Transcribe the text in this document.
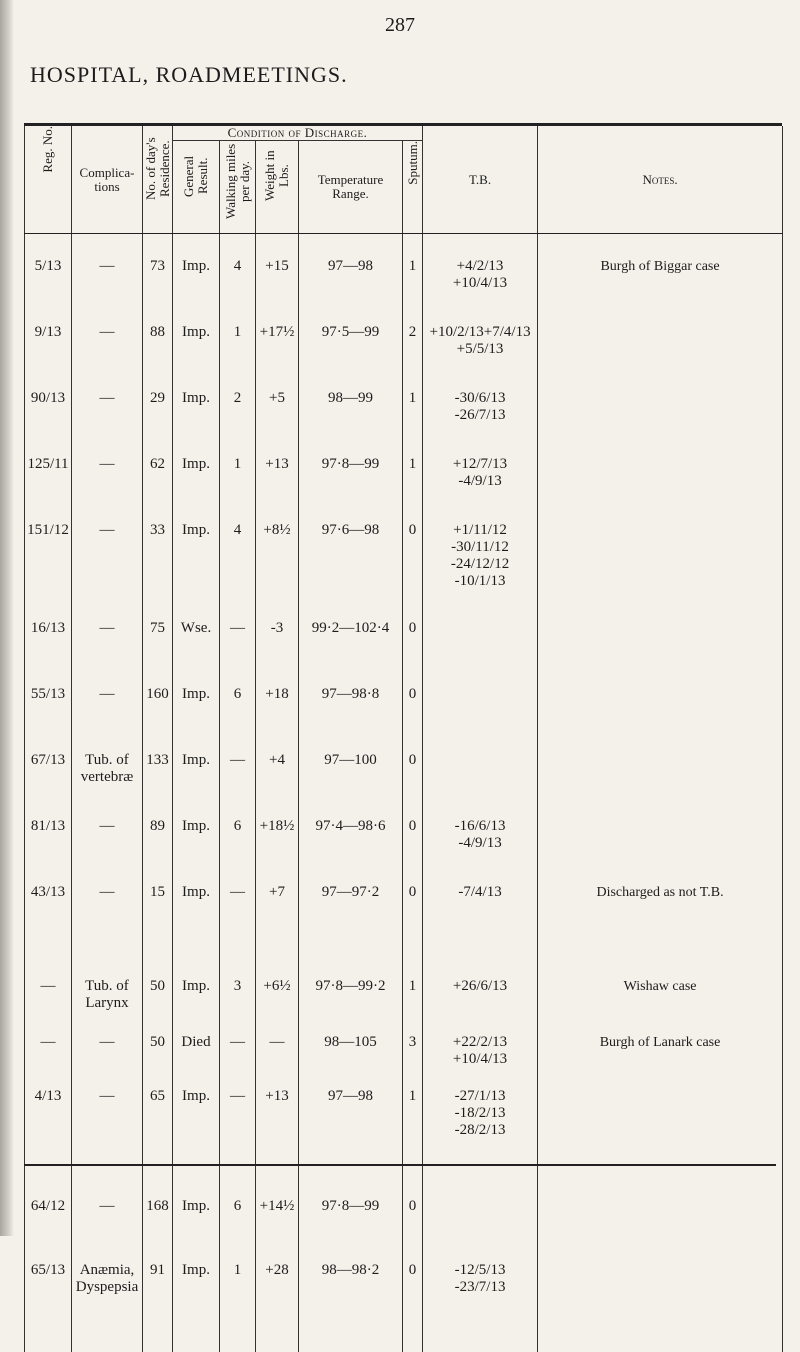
287
HOSPITAL, ROADMEETINGS.
Reg. No.	Complica-
tions	No. of day's Residence.	Condition of Discharge.					T.B.	Notes.

			General Result.	Walking miles per day.	Weight in Lbs.	Temperature Range.	Sputum.		

5/13	—	73	Imp.	4	+15	97—98	1	+4/2/13
+10/4/13	Burgh of Biggar case
9/13	—	88	Imp.	1	+17½	97·5—99	2	+10/2/13+7/4/13
+5/5/13	

90/13	—	29	Imp.	2	+5	98—99	1	-30/6/13
-26/7/13	

125/11	—	62	Imp.	1	+13	97·8—99	1	+12/7/13
-4/9/13	

151/12	—	33	Imp.	4	+8½	97·6—98	0	+1/11/12
-30/11/12
-24/12/12
-10/1/13	

16/13	—	75	Wse.	—	-3	99·2—102·4	0		
55/13	—	160	Imp.	6	+18	97—98·8	0		
67/13	Tub. of
vertebræ	133	Imp.	—	+4	97—100	0		
81/13	—	89	Imp.	6	+18½	97·4—98·6	0	-16/6/13
-4/9/13	

43/13	—	15	Imp.	—	+7	97—97·2	0	-7/4/13	Discharged as not T.B.
—	Tub. of
Larynx	50	Imp.	3	+6½	97·8—99·2	1	+26/6/13	Wishaw case
—	—	50	Died	—	—	98—105	3	+22/2/13
+10/4/13	Burgh of Lanark case
4/13	—	65	Imp.	—	+13	97—98	1	-27/1/13
-18/2/13
-28/2/13	

64/12	—	168	Imp.	6	+14½	97·8—99	0		
65/13	Anæmia,
Dyspepsia	91	Imp.	1	+28	98—98·2	0	-12/5/13
-23/7/13	
